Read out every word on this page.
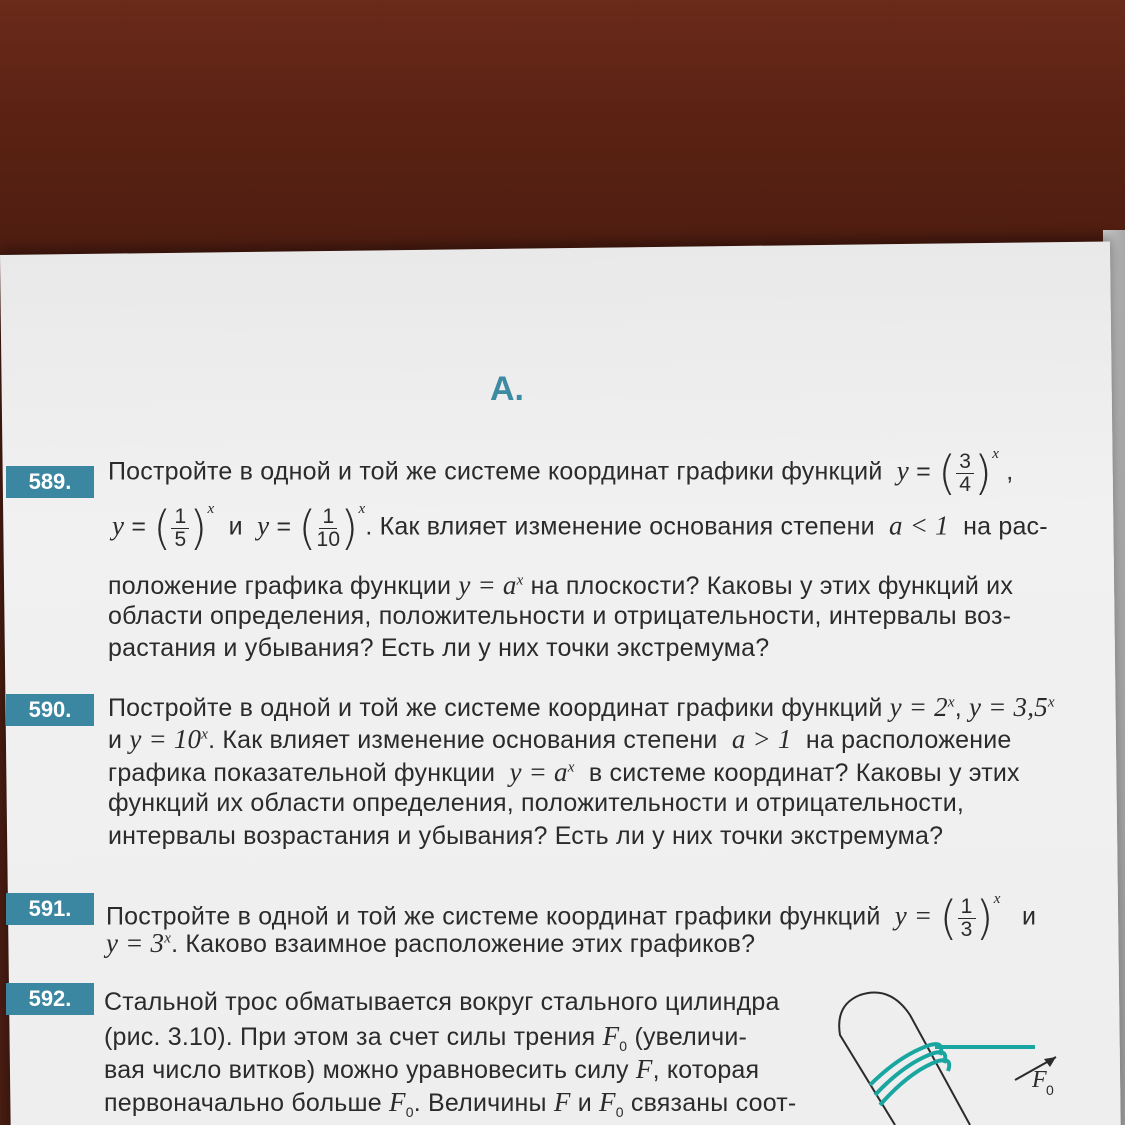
А.
589.	Постройте в одной и той же системе координат графики функций y = ( $\frac{3}{4} )^x$ ,
y = ( $\frac{1}{5} )^x$  и y = ( $\frac{1}{10} )^x$. Как влияет изменение основания степени a < 1 на рас-
положение графика функции $y = a^x$ на плоскости? Каковы у этих функций их
области определения, положительности и отрицательности, интервалы воз-
растания и убывания? Есть ли у них точки экстремума?
590.	Постройте в одной и той же системе координат графики функций $y = 2^x$, $y = 3,5^x$
и $y = 10^x$. Как влияет изменение основания степени a > 1 на расположение
графика показательной функции $y = a^x$ в системе координат? Каковы у этих
функций их области определения, положительности и отрицательности,
интервалы возрастания и убывания? Есть ли у них точки экстремума?
591.	Постройте в одной и той же системе координат графики функций y = ( $\frac{1}{3} )^x$   и
$y = 3^x$. Каково взаимное расположение этих графиков?
592.	Стальной трос обматывается вокруг стального цилиндра
(рис. 3.10). При этом за счет силы трения $F_0$ (увеличи-
вая число витков) можно уравновесить силу F, которая
первоначально больше $F_0$. Величины F и $F_0$ связаны соот-
F 0
